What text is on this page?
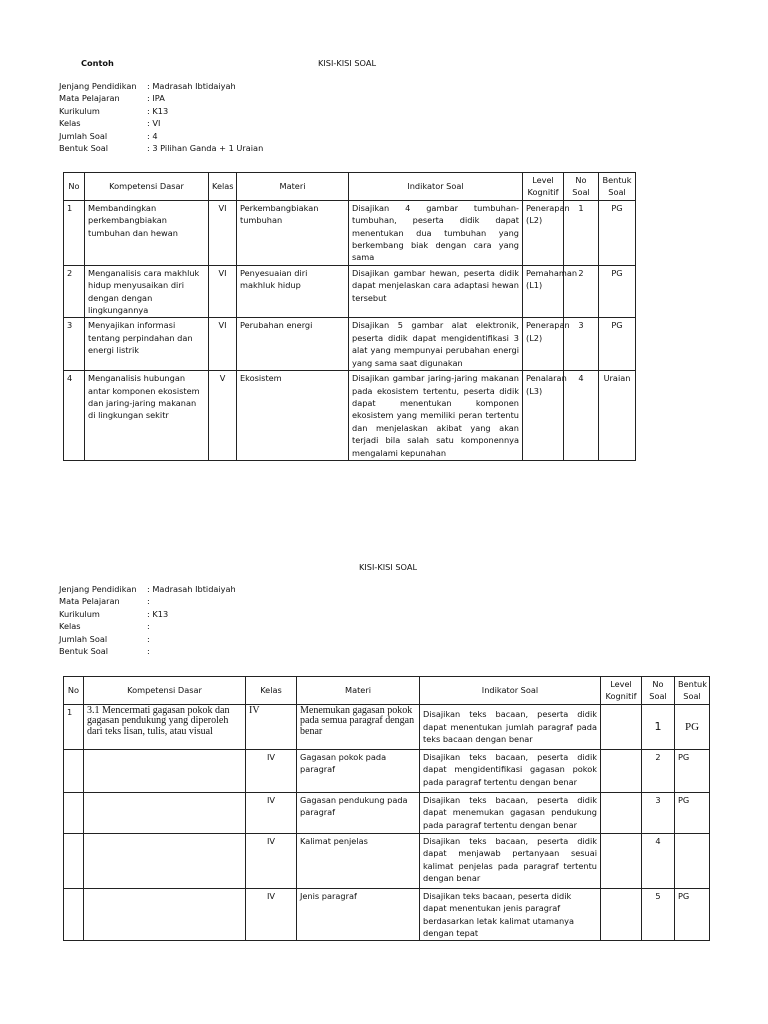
Contoh	KISI-KISI SOAL
Jenjang Pendidikan : Madrasah Ibtidaiyah
Mata Pelajaran	: IPA
Kurikulum	: K13
Kelas	: VI
Jumlah Soal	: 4
Bentuk Soal	: 3 Pilihan Ganda + 1 Uraian
No	Kompetensi Dasar	Kelas	Materi	Indikator Soal	Level Kognitif	No Soal	Bentuk Soal
1	Membandingkan perkembangbiakan tumbuhan dan hewan	VI	Perkembangbiakan tumbuhan	Disajikan 4 gambar tumbuhan-tumbuhan, peserta didik dapat menentukan dua tumbuhan yang berkembang biak dengan cara yang sama	Penerapan (L2)	1	PG
2	Menganalisis cara makhluk hidup menyusaikan diri dengan dengan lingkungannya	VI	Penyesuaian diri makhluk hidup	Disajikan gambar hewan, peserta didik dapat menjelaskan cara adaptasi hewan tersebut	Pemahaman (L1)	2	PG
3	Menyajikan informasi tentang perpindahan dan energi listrik	VI	Perubahan energi	Disajikan 5 gambar alat elektronik, peserta didik dapat mengidentifikasi 3 alat yang mempunyai perubahan energi yang sama saat digunakan	Penerapan (L2)	3	PG
4	Menganalisis hubungan antar komponen ekosistem dan jaring-jaring makanan di lingkungan sekitr	V	Ekosistem	Disajikan gambar jaring-jaring makanan pada ekosistem tertentu, peserta didik dapat menentukan komponen ekosistem yang memiliki peran tertentu dan menjelaskan akibat yang akan terjadi bila salah satu komponennya mengalami kepunahan	Penalaran (L3)	4	Uraian
KISI-KISI SOAL
Jenjang Pendidikan : Madrasah Ibtidaiyah
Mata Pelajaran	:
Kurikulum	: K13
Kelas	:
Jumlah Soal	:
Bentuk Soal	:
No	Kompetensi Dasar	Kelas	Materi	Indikator Soal	Level Kognitif	No Soal	Bentuk Soal
1	3.1 Mencermati gagasan pokok dan gagasan pendukung yang diperoleh dari teks lisan, tulis, atau visual	IV	Menemukan gagasan pokok pada semua paragraf dengan benar	Disajikan teks bacaan, peserta didik dapat menentukan jumlah paragraf pada teks bacaan dengan benar		1	PG
		IV	Gagasan pokok pada paragraf	Disajikan teks bacaan, peserta didik dapat mengidentifikasi gagasan pokok pada paragraf tertentu dengan benar		2	PG
		IV	Gagasan pendukung pada paragraf	Disajikan teks bacaan, peserta didik dapat menemukan gagasan pendukung pada paragraf tertentu dengan benar		3	PG
		IV	Kalimat penjelas	Disajikan teks bacaan, peserta didik dapat menjawab pertanyaan sesuai kalimat penjelas pada paragraf tertentu dengan benar		4	
		IV	Jenis paragraf	Disajikan teks bacaan, peserta didik dapat menentukan jenis paragraf berdasarkan letak kalimat utamanya dengan tepat		5	PG
